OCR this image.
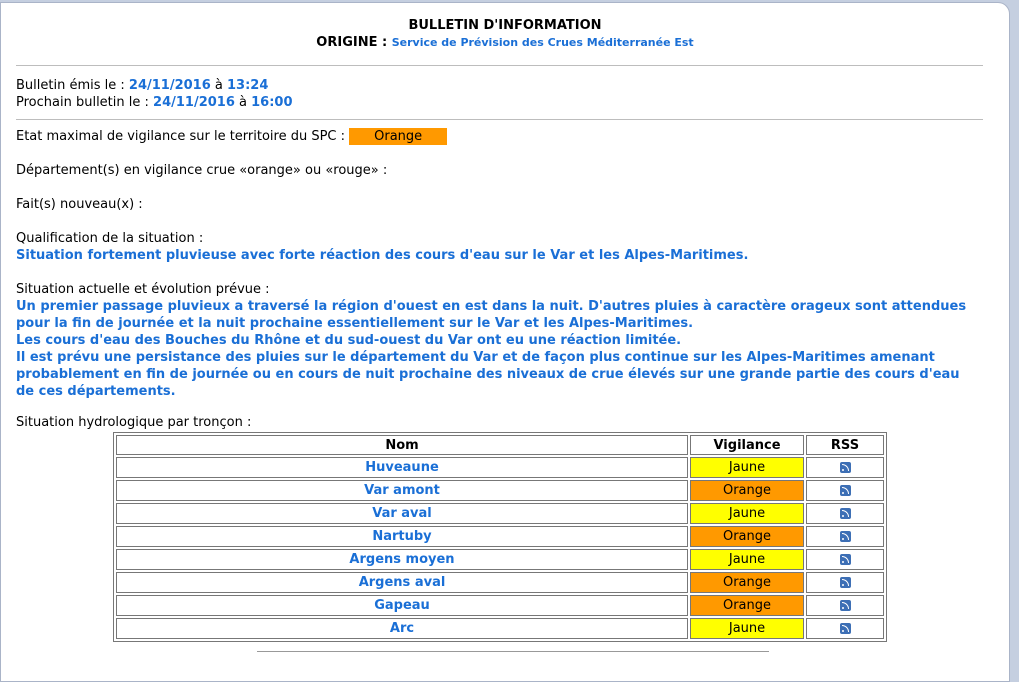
BULLETIN D'INFORMATION
ORIGINE : Service de Prévision des Crues Méditerranée Est
Bulletin émis le : 24/11/2016 à 13:24
Prochain bulletin le : 24/11/2016 à 16:00
Etat maximal de vigilance sur le territoire du SPC : Orange
Département(s) en vigilance crue «orange» ou «rouge» :
Fait(s) nouveau(x) :
Qualification de la situation :
Situation fortement pluvieuse avec forte réaction des cours d'eau sur le Var et les Alpes-Maritimes.
Situation actuelle et évolution prévue :
Un premier passage pluvieux a traversé la région d'ouest en est dans la nuit. D'autres pluies à caractère orageux sont attendues
pour la fin de journée et la nuit prochaine essentiellement sur le Var et les Alpes-Maritimes.
Les cours d'eau des Bouches du Rhône et du sud-ouest du Var ont eu une réaction limitée.
Il est prévu une persistance des pluies sur le département du Var et de façon plus continue sur les Alpes-Maritimes amenant
probablement en fin de journée ou en cours de nuit prochaine des niveaux de crue élevés sur une grande partie des cours d'eau
de ces départements.
Situation hydrologique par tronçon :
Nom	Vigilance	RSS
Huveaune	Jaune	
Var amont	Orange	
Var aval	Jaune	
Nartuby	Orange	
Argens moyen	Jaune	
Argens aval	Orange	
Gapeau	Orange	
Arc	Jaune	
